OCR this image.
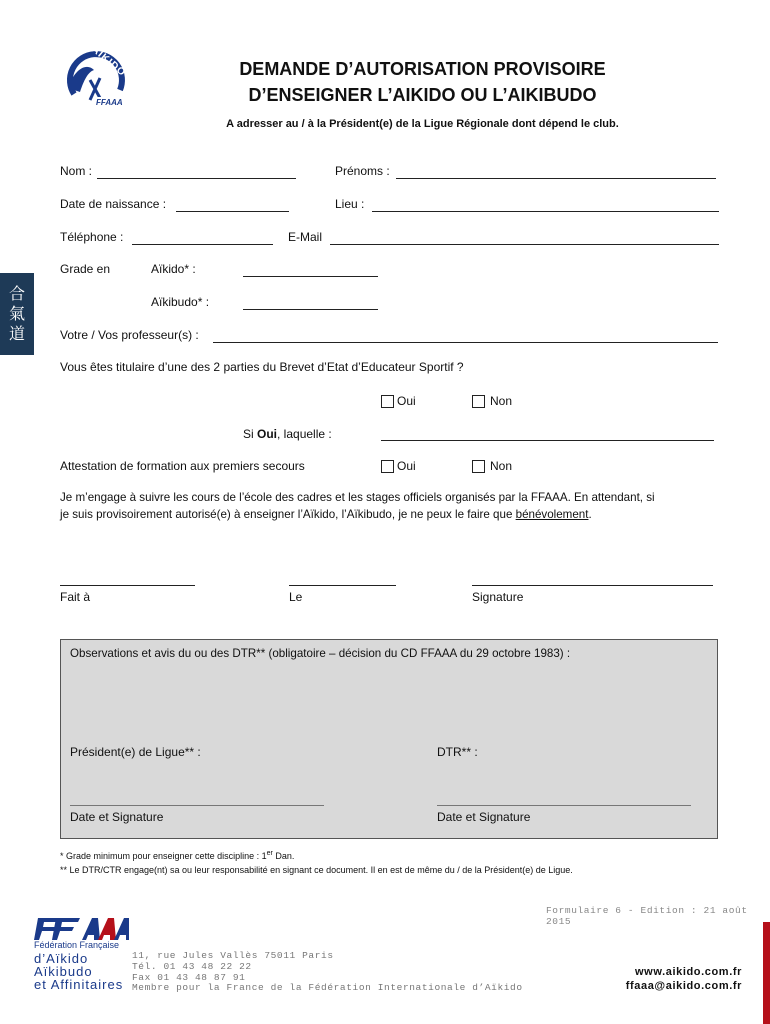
AIKIDO
FFAAA
DEMANDE D’AUTORISATION PROVISOIRE
D’ENSEIGNER L’AIKIDO OU L’AIKIBUDO
A adresser au / à la Président(e) de la Ligue Régionale dont dépend le club.
合
氣
道
Nom :	Prénoms :
Date de naissance :	Lieu :
Téléphone :	E-Mail
Grade en	Aïkido* :
Aïkibudo* :
Votre / Vos professeur(s) :
Vous êtes titulaire d’une des 2 parties du Brevet d’Etat d’Educateur Sportif ?
Oui	Non
Si Oui, laquelle :
Attestation de formation aux premiers secours	Oui	Non
Je m’engage à suivre les cours de l’école des cadres et les stages officiels organisés par la FFAAA. En attendant, si
je suis provisoirement autorisé(e) à enseigner l’Aïkido, l’Aïkibudo, je ne peux le faire que bénévolement.
Fait à	Le	Signature
Observations et avis du ou des DTR** (obligatoire – décision du CD FFAAA du 29 octobre 1983) :
Président(e) de Ligue** :	DTR** :
Date et Signature	Date et Signature
* Grade minimum pour enseigner cette discipline : 1er Dan.
** Le DTR/CTR engage(nt) sa ou leur responsabilité en signant ce document. Il en est de même du / de la Président(e) de Ligue.
Formulaire 6 - Edition : 21 août 2015
Fédération Française
d’Aïkido
Aïkibudo
et Affinitaires
11, rue Jules Vallès 75011 Paris
Tél. 01 43 48 22 22
Fax 01 43 48 87 91
Membre pour la France de la Fédération Internationale d’Aïkido
www.aikido.com.fr
ffaaa@aikido.com.fr
